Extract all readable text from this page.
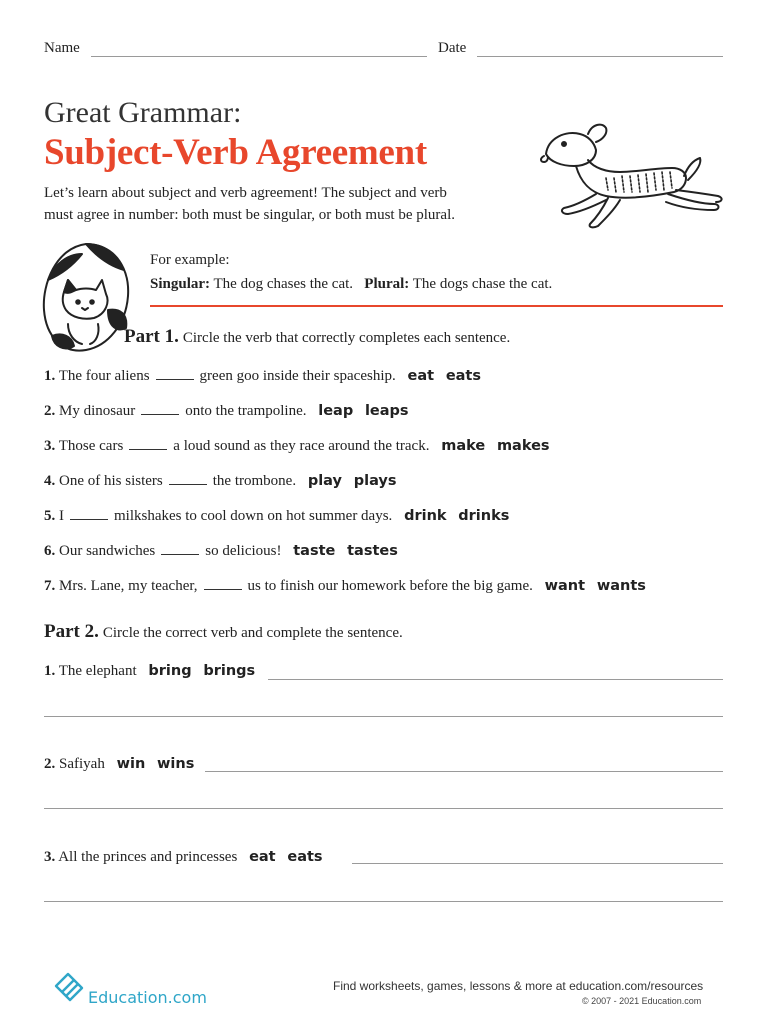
Name	Date
Great Grammar:
Subject-Verb Agreement
Let’s learn about subject and verb agreement! The subject and verb
must agree in number: both must be singular, or both must be plural.
For example:
Singular: The dog chases the cat. Plural: The dogs chase the cat.
Part 1. Circle the verb that correctly completes each sentence.
1. The four aliens	green goo inside their spaceship. eat eats
2. My dinosaur	onto the trampoline. leap leaps
3. Those cars	a loud sound as they race around the track. make makes
4. One of his sisters	the trombone. play plays
5. I	milkshakes to cool down on hot summer days. drink drinks
6. Our sandwiches	so delicious! taste tastes
7. Mrs. Lane, my teacher,	us to finish our homework before the big game. want wants
Part 2. Circle the correct verb and complete the sentence.
1. The elephant bring brings
2. Safiyah win wins
3. All the princes and princesses eat eats
Education.com
Find worksheets, games, lessons & more at education.com/resources
© 2007 - 2021 Education.com
